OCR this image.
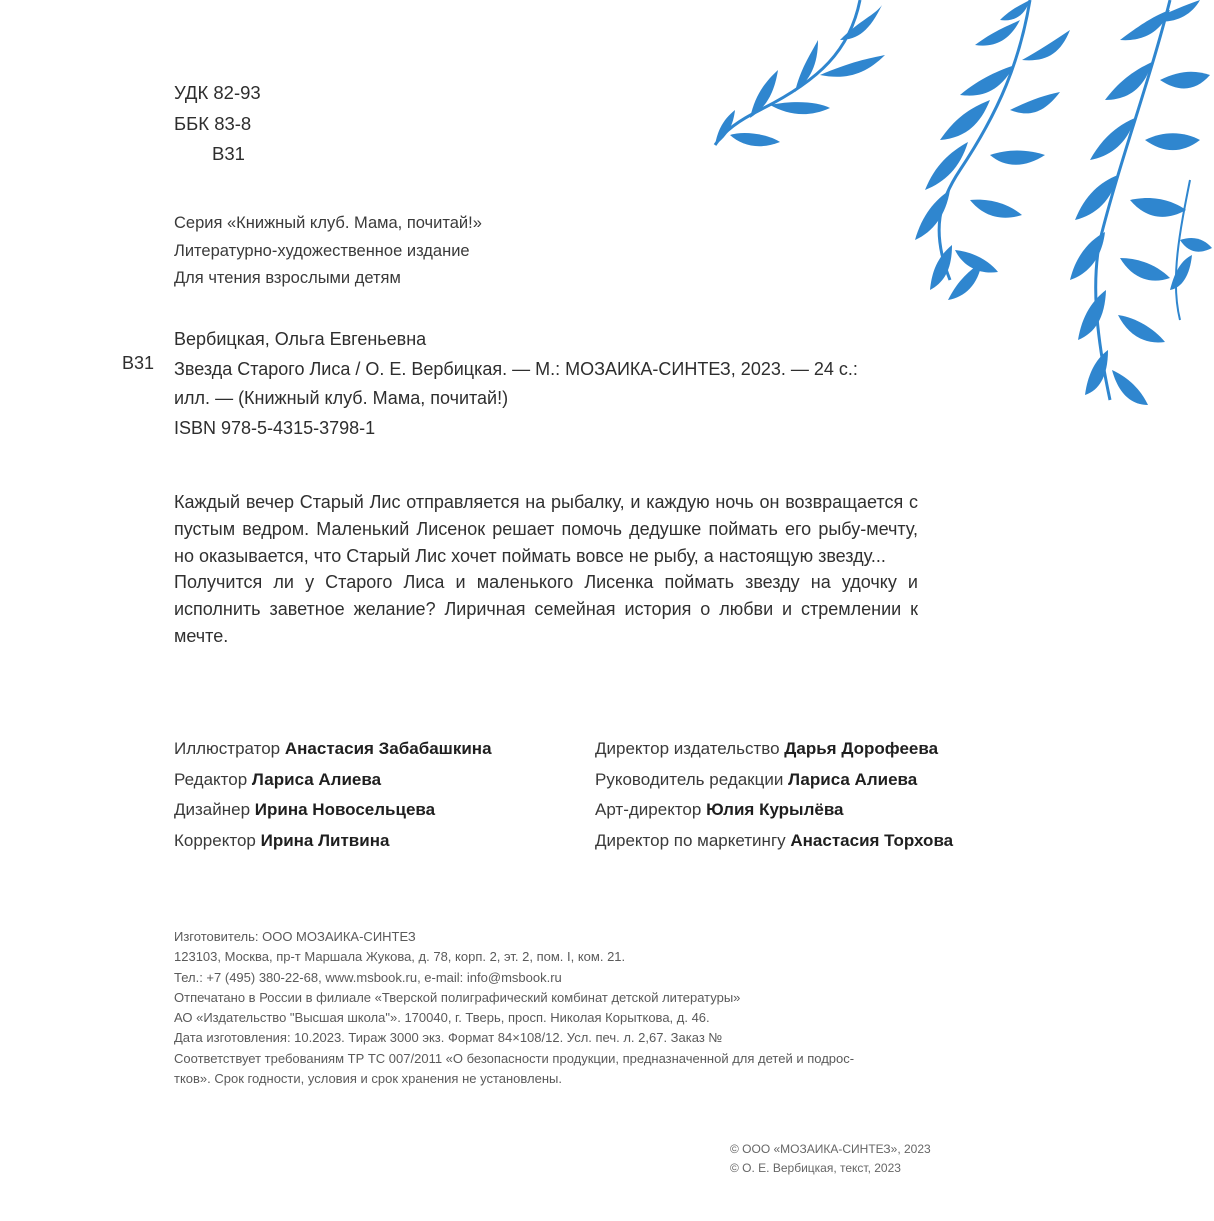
УДК 82-93
ББК 83-8
В31
Серия «Книжный клуб. Мама, почитай!»
Литературно-художественное издание
Для чтения взрослыми детям
В31
Вербицкая, Ольга Евгеньевна
Звезда Старого Лиса / О. Е. Вербицкая. — М.: МОЗАИКА-СИНТЕЗ, 2023. — 24 с.:
илл. — (Книжный клуб. Мама, почитай!)
ISBN 978-5-4315-3798-1

Каждый вечер Старый Лис отправляется на рыбалку, и каждую ночь он возвращается с пустым ведром. Маленький Лисенок решает помочь дедушке поймать его рыбу-мечту, но оказывается, что Старый Лис хочет поймать вовсе не рыбу, а настоящую звезду...

Получится ли у Старого Лиса и маленького Лисенка поймать звезду на удочку и исполнить заветное желание? Лиричная семейная история о любви и стремлении к мечте.

Иллюстратор Анастасия Забабашкина
Редактор Лариса Алиева
Дизайнер Ирина Новосельцева
Корректор Ирина Литвина
Директор издательство Дарья Дорофеева
Руководитель редакции Лариса Алиева
Арт-директор Юлия Курылёва
Директор по маркетингу Анастасия Торхова
Изготовитель: ООО МОЗАИКА-СИНТЕЗ
123103, Москва, пр-т Маршала Жукова, д. 78, корп. 2, эт. 2, пом. I, ком. 21.
Тел.: +7 (495) 380-22-68, www.msbook.ru, e-mail: info@msbook.ru
Отпечатано в России в филиале «Тверской полиграфический комбинат детской литературы»
АО «Издательство "Высшая школа"». 170040, г. Тверь, просп. Николая Корыткова, д. 46.
Дата изготовления: 10.2023. Тираж 3000 экз. Формат 84×108/12. Усл. печ. л. 2,67. Заказ №
Соответствует требованиям ТР ТС 007/2011 «О безопасности продукции, предназначенной для детей и подрос-
тков». Срок годности, условия и срок хранения не установлены.
© ООО «МОЗАИКА-СИНТЕЗ», 2023
© О. Е. Вербицкая, текст, 2023
